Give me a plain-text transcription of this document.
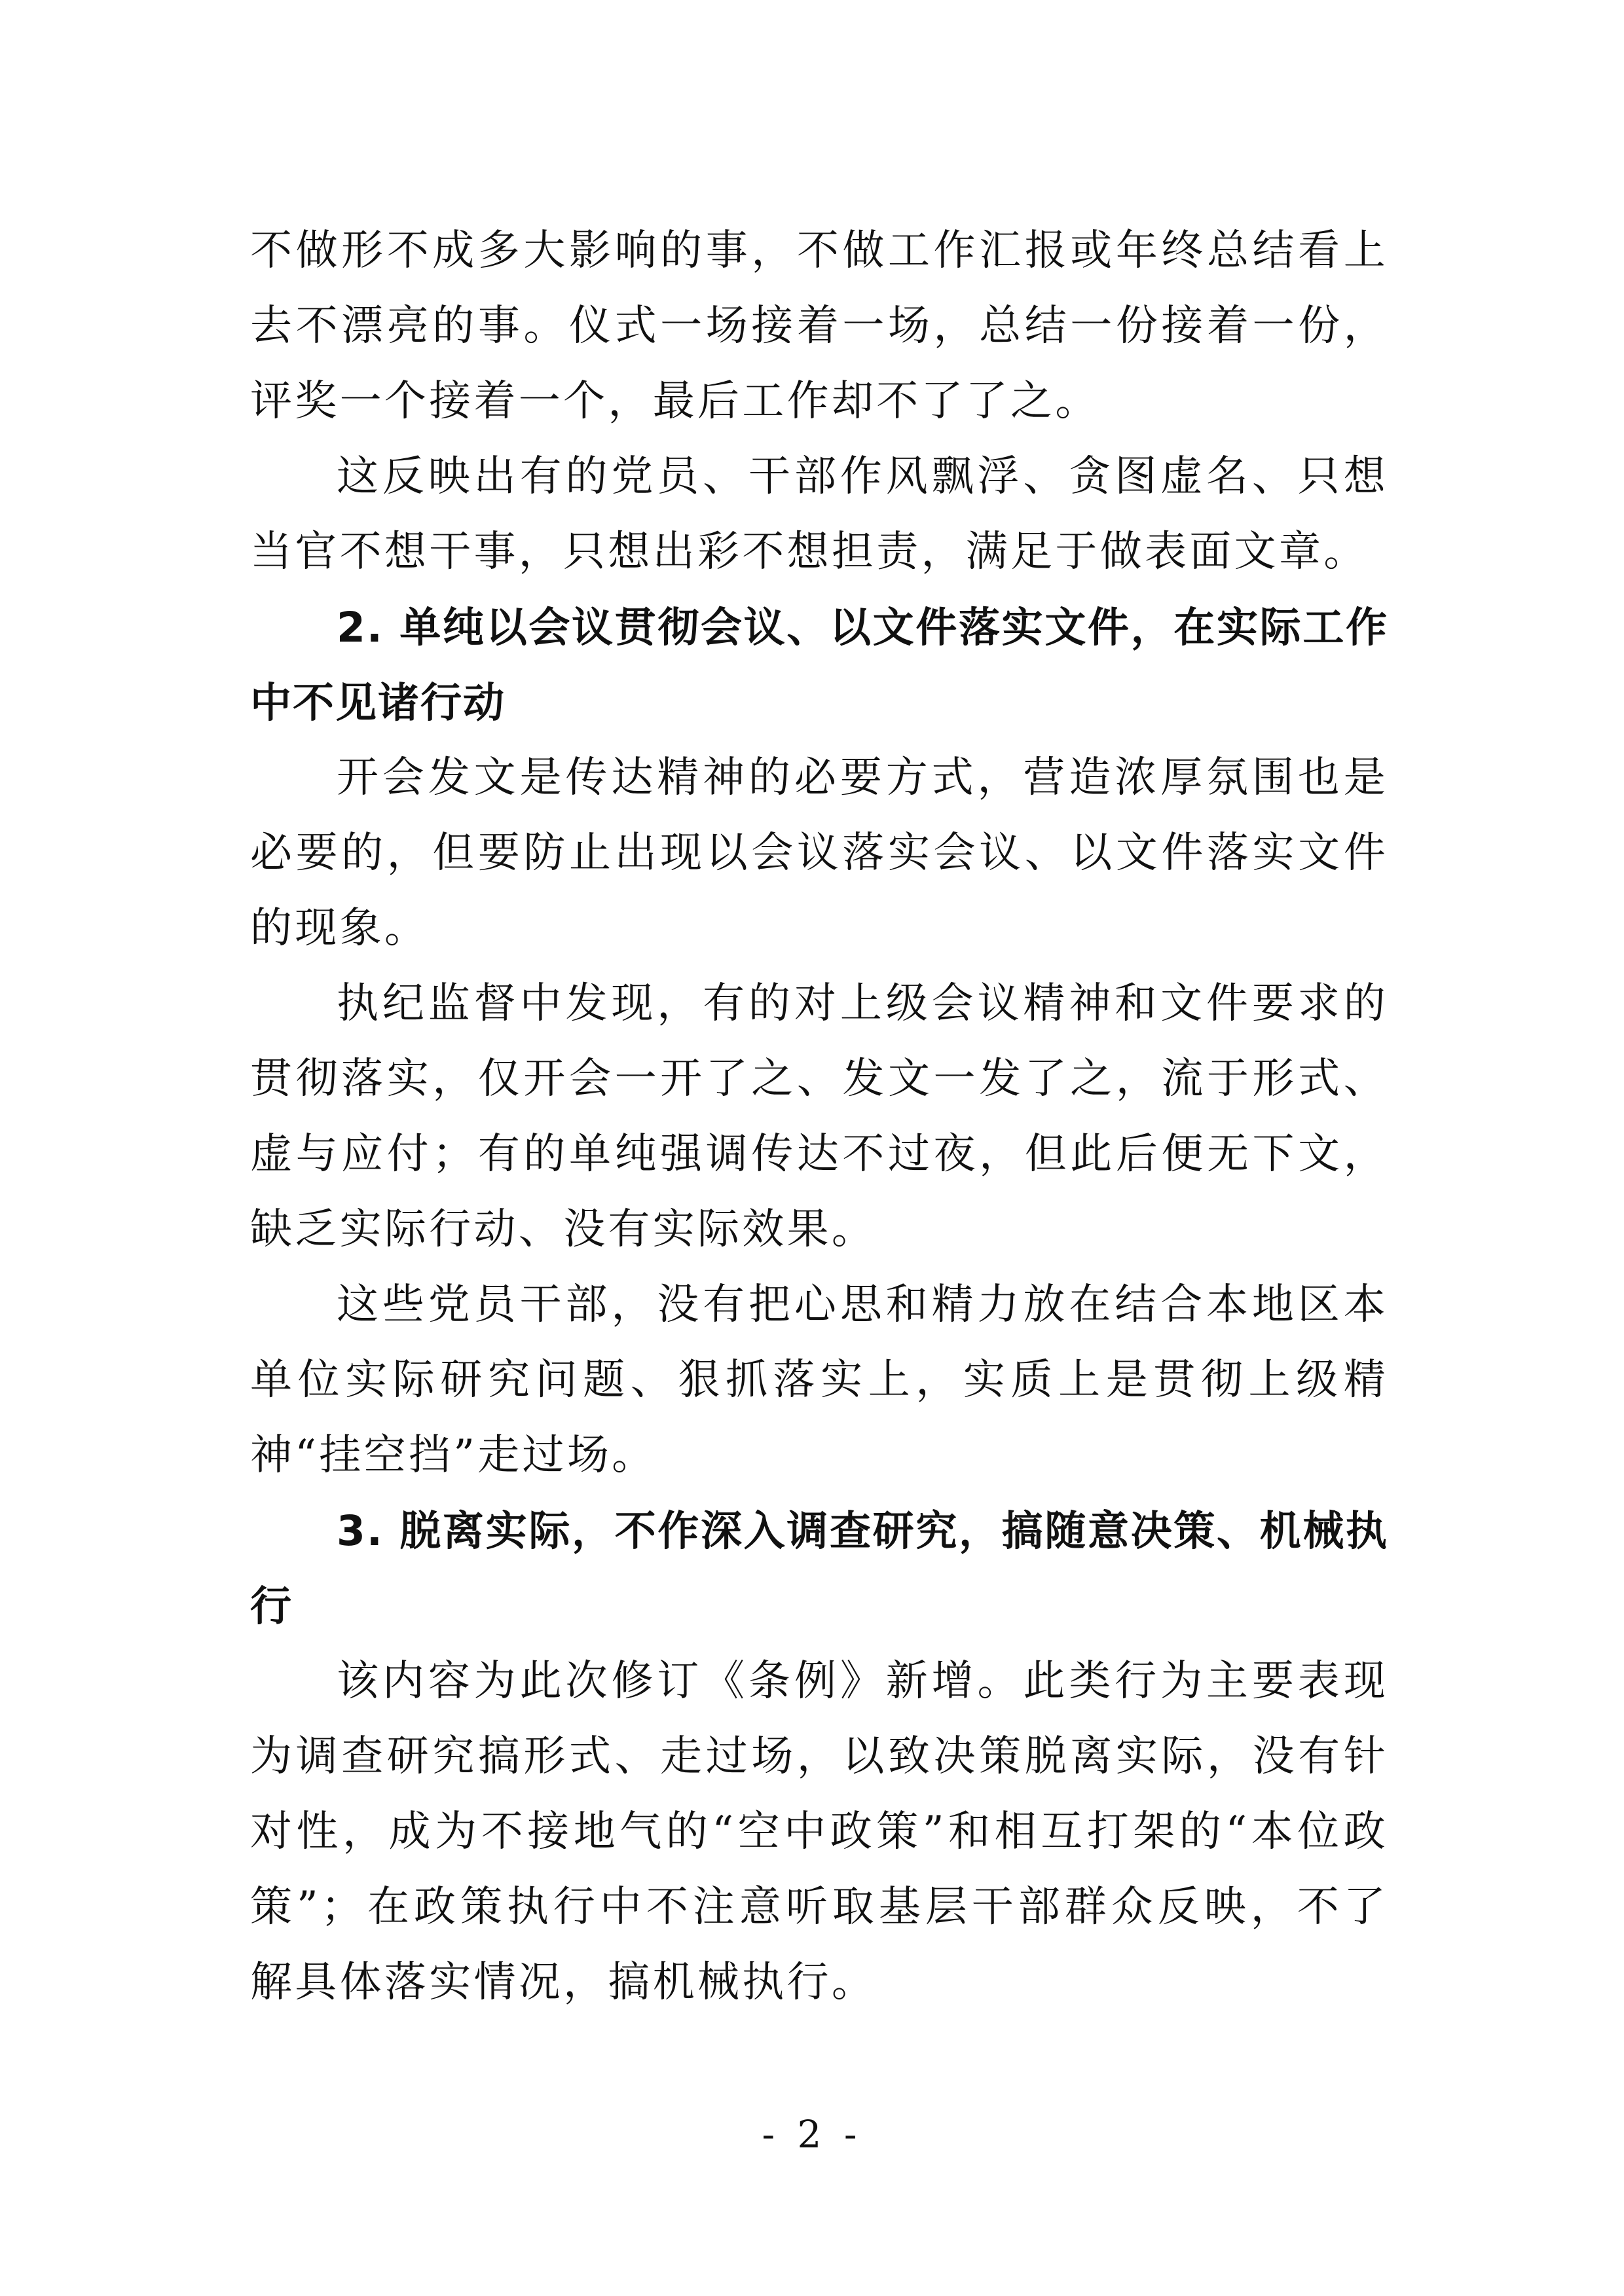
不做形不成多大影响的事，不做工作汇报或年终总结看上去不漂亮的事。仪式一场接着一场，总结一份接着一份，评奖一个接着一个，最后工作却不了了之。

这反映出有的党员、干部作风飘浮、贪图虚名、只想当官不想干事，只想出彩不想担责，满足于做表面文章。

2. 单纯以会议贯彻会议、以文件落实文件，在实际工作中不见诸行动

开会发文是传达精神的必要方式，营造浓厚氛围也是必要的，但要防止出现以会议落实会议、以文件落实文件的现象。

执纪监督中发现，有的对上级会议精神和文件要求的贯彻落实，仅开会一开了之、发文一发了之，流于形式、虚与应付；有的单纯强调传达不过夜，但此后便无下文，缺乏实际行动、没有实际效果。

这些党员干部，没有把心思和精力放在结合本地区本单位实际研究问题、狠抓落实上，实质上是贯彻上级精神“挂空挡”走过场。

3. 脱离实际，不作深入调查研究，搞随意决策、机械执行

该内容为此次修订《条例》新增。此类行为主要表现为调查研究搞形式、走过场，以致决策脱离实际，没有针对性，成为不接地气的“空中政策”和相互打架的“本位政策”；在政策执行中不注意听取基层干部群众反映，不了解具体落实情况，搞机械执行。

- 2 -
